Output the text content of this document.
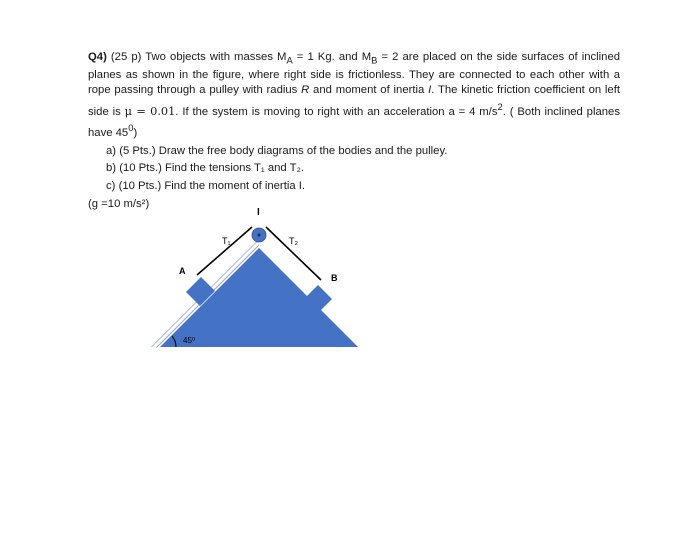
Q4) (25 p) Two objects with masses $M_A = 1$ Kg. and $M_B = 2$ are placed on the side surfaces of inclined planes as shown in the figure, where right side is frictionless. They are connected to each other with a rope passing through a pulley with radius R and moment of inertia I. The kinetic friction coefficient on left side is μ = 0.01. If the system is moving to right with an acceleration a = 4 $m/s^2$. ( Both inclined planes have $45^0$)

a) (5 Pts.) Draw the free body diagrams of the bodies and the pulley.
b) (10 Pts.) Find the tensions T₁ and T₂.
c) (10 Pts.) Find the moment of inertia I.
(g =10 m/s²)
I
T₁	T₂
A
B
45⁰
